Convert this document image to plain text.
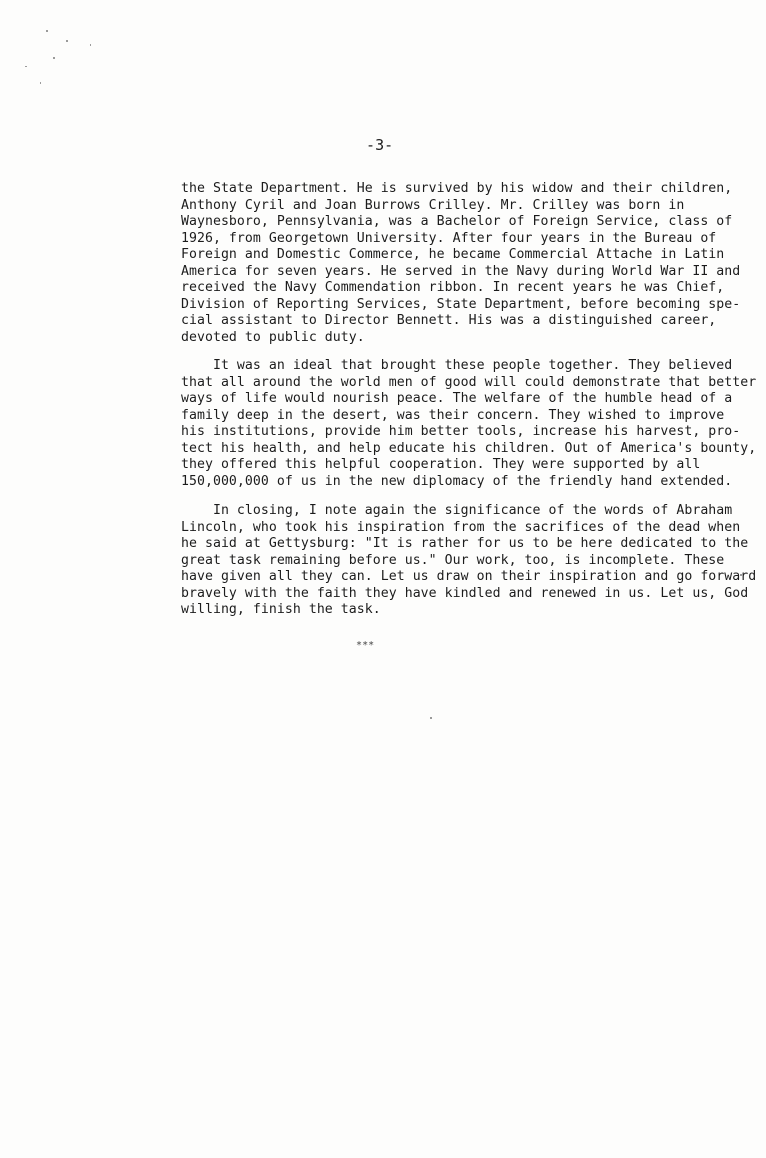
-3-

the State Department. He is survived by his widow and their children,
Anthony Cyril and Joan Burrows Crilley. Mr. Crilley was born in
Waynesboro, Pennsylvania, was a Bachelor of Foreign Service, class of
1926, from Georgetown University. After four years in the Bureau of
Foreign and Domestic Commerce, he became Commercial Attache in Latin
America for seven years. He served in the Navy during World War II and
received the Navy Commendation ribbon. In recent years he was Chief,
Division of Reporting Services, State Department, before becoming spe-
cial assistant to Director Bennett. His was a distinguished career,
devoted to public duty.
It was an ideal that brought these people together. They believed
that all around the world men of good will could demonstrate that better
ways of life would nourish peace. The welfare of the humble head of a
family deep in the desert, was their concern. They wished to improve
his institutions, provide him better tools, increase his harvest, pro-
tect his health, and help educate his children. Out of America's bounty,
they offered this helpful cooperation. They were supported by all
150,000,000 of us in the new diplomacy of the friendly hand extended.
In closing, I note again the significance of the words of Abraham
Lincoln, who took his inspiration from the sacrifices of the dead when
he said at Gettysburg: "It is rather for us to be here dedicated to the
great task remaining before us." Our work, too, is incomplete. These
have given all they can. Let us draw on their inspiration and go forward
bravely with the faith they have kindled and renewed in us. Let us, God
willing, finish the task.

***
